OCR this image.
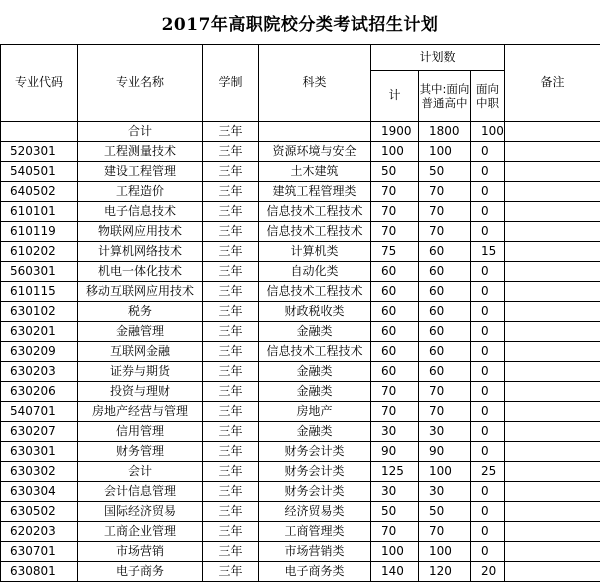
2017年高职院校分类考试招生计划
专业代码	专业名称	学制	科类	计划数			备注
				计	其中:面向普通高中	面向中职	
	合计	三年		1900	1800	100	
520301	工程测量技术	三年	资源环境与安全	100	100	0	
540501	建设工程管理	三年	土木建筑	50	50	0	
640502	工程造价	三年	建筑工程管理类	70	70	0	
610101	电子信息技术	三年	信息技术工程技术	70	70	0	
610119	物联网应用技术	三年	信息技术工程技术	70	70	0	
610202	计算机网络技术	三年	计算机类	75	60	15	
560301	机电一体化技术	三年	自动化类	60	60	0	
610115	移动互联网应用技术	三年	信息技术工程技术	60	60	0	
630102	税务	三年	财政税收类	60	60	0	
630201	金融管理	三年	金融类	60	60	0	
630209	互联网金融	三年	信息技术工程技术	60	60	0	
630203	证券与期货	三年	金融类	60	60	0	
630206	投资与理财	三年	金融类	70	70	0	
540701	房地产经营与管理	三年	房地产	70	70	0	
630207	信用管理	三年	金融类	30	30	0	
630301	财务管理	三年	财务会计类	90	90	0	
630302	会计	三年	财务会计类	125	100	25	
630304	会计信息管理	三年	财务会计类	30	30	0	
630502	国际经济贸易	三年	经济贸易类	50	50	0	
620203	工商企业管理	三年	工商管理类	70	70	0	
630701	市场营销	三年	市场营销类	100	100	0	
630801	电子商务	三年	电子商务类	140	120	20	
